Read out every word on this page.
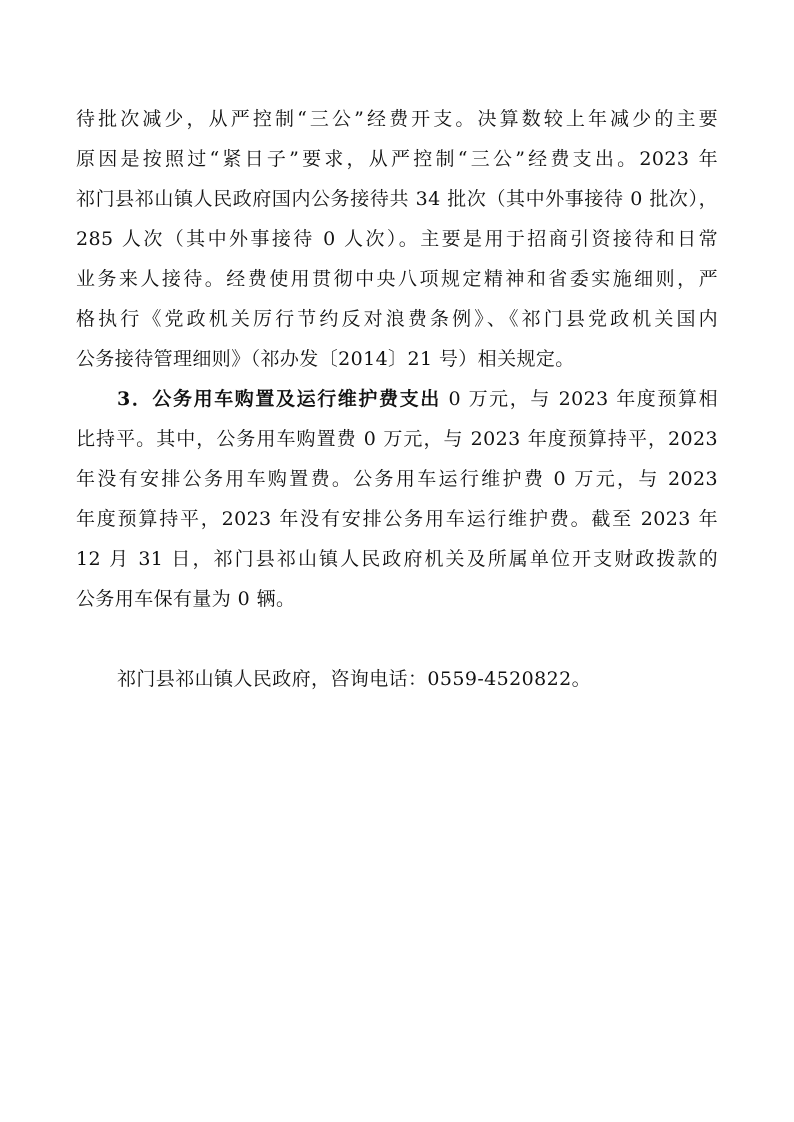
待批次减少，从严控制“三公”经费开支。决算数较上年减少的主要
原因是按照过“紧日子”要求，从严控制“三公”经费支出。2023 年
祁门县祁山镇人民政府国内公务接待共 34 批次（其中外事接待 0 批次），
285 人次（其中外事接待 0 人次）。主要是用于招商引资接待和日常
业务来人接待。经费使用贯彻中央八项规定精神和省委实施细则，严
格执行《党政机关厉行节约反对浪费条例》、《祁门县党政机关国内
公务接待管理细则》（祁办发〔2014〕21 号）相关规定。
3．公务用车购置及运行维护费支出 0 万元，与 2023 年度预算相
比持平。其中，公务用车购置费 0 万元，与 2023 年度预算持平，2023
年没有安排公务用车购置费。公务用车运行维护费 0 万元，与 2023
年度预算持平，2023 年没有安排公务用车运行维护费。截至 2023 年
12 月 31 日，祁门县祁山镇人民政府机关及所属单位开支财政拨款的
公务用车保有量为 0 辆。
祁门县祁山镇人民政府，咨询电话：0559-4520822。
